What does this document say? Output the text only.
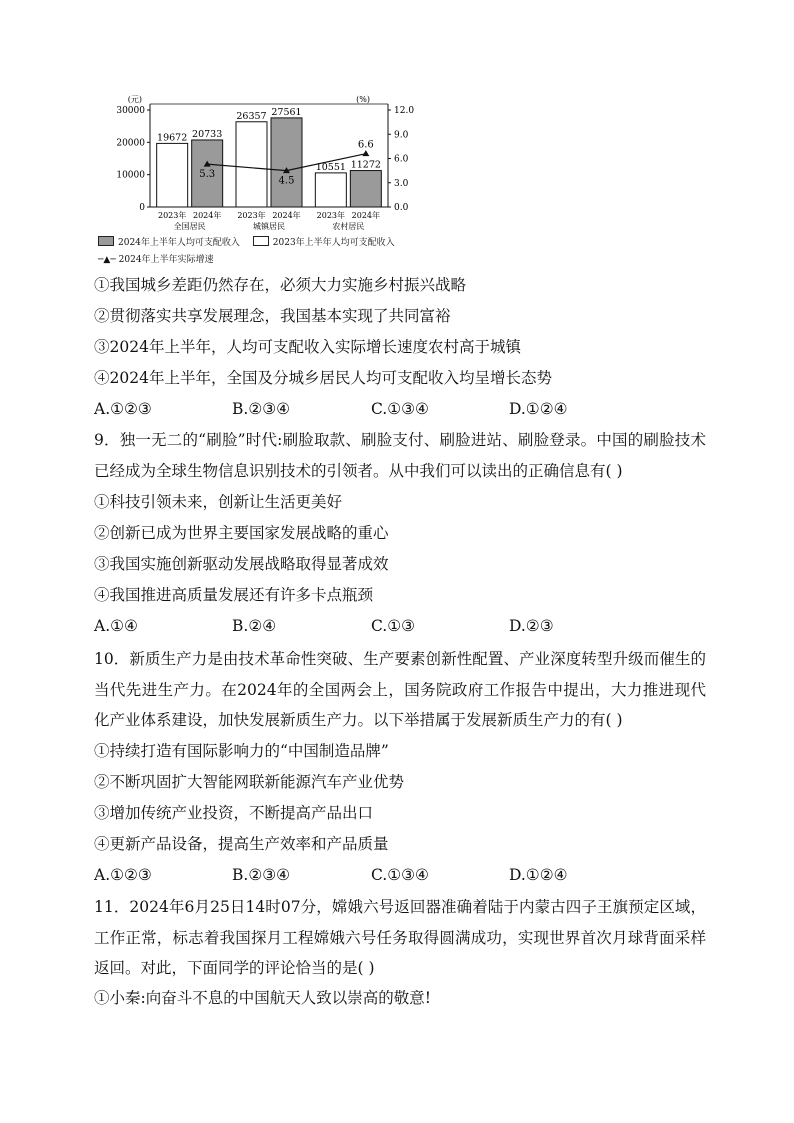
(元)	(%)
0
10000
20000
30000
0.0
3.0
6.0
9.0
12.0
19672 20733
2023年 2024年
全国居民
26357 27561
2023年 2024年
城镇居民
10551 11272
2023年 2024年
农村居民
5.3
4.5
6.6
2024年上半年人均可支配收入	2023年上半年人均可支配收入
─▲─ 2024年上半年实际增速
①我国城乡差距仍然存在，必须大力实施乡村振兴战略
②贯彻落实共享发展理念，我国基本实现了共同富裕
③2024年上半年，人均可支配收入实际增长速度农村高于城镇
④2024年上半年，全国及分城乡居民人均可支配收入均呈增长态势
A.①②③	B.②③④	C.①③④	D.①②④
9．独一无二的“刷脸”时代:刷脸取款、刷脸支付、刷脸进站、刷脸登录。中国的刷脸技术已经成为全球生物信息识别技术的引领者。从中我们可以读出的正确信息有( )
①科技引领未来，创新让生活更美好
②创新已成为世界主要国家发展战略的重心
③我国实施创新驱动发展战略取得显著成效
④我国推进高质量发展还有许多卡点瓶颈
A.①④	B.②④	C.①③	D.②③
10．新质生产力是由技术革命性突破、生产要素创新性配置、产业深度转型升级而催生的当代先进生产力。在2024年的全国两会上，国务院政府工作报告中提出，大力推进现代化产业体系建设，加快发展新质生产力。以下举措属于发展新质生产力的有( )
①持续打造有国际影响力的“中国制造品牌”
②不断巩固扩大智能网联新能源汽车产业优势
③增加传统产业投资，不断提高产品出口
④更新产品设备，提高生产效率和产品质量
A.①②③	B.②③④	C.①③④	D.①②④
11．2024年6月25日14时07分，嫦娥六号返回器准确着陆于内蒙古四子王旗预定区域，工作正常，标志着我国探月工程嫦娥六号任务取得圆满成功，实现世界首次月球背面采样返回。对此，下面同学的评论恰当的是( )
①小秦:向奋斗不息的中国航天人致以崇高的敬意!
